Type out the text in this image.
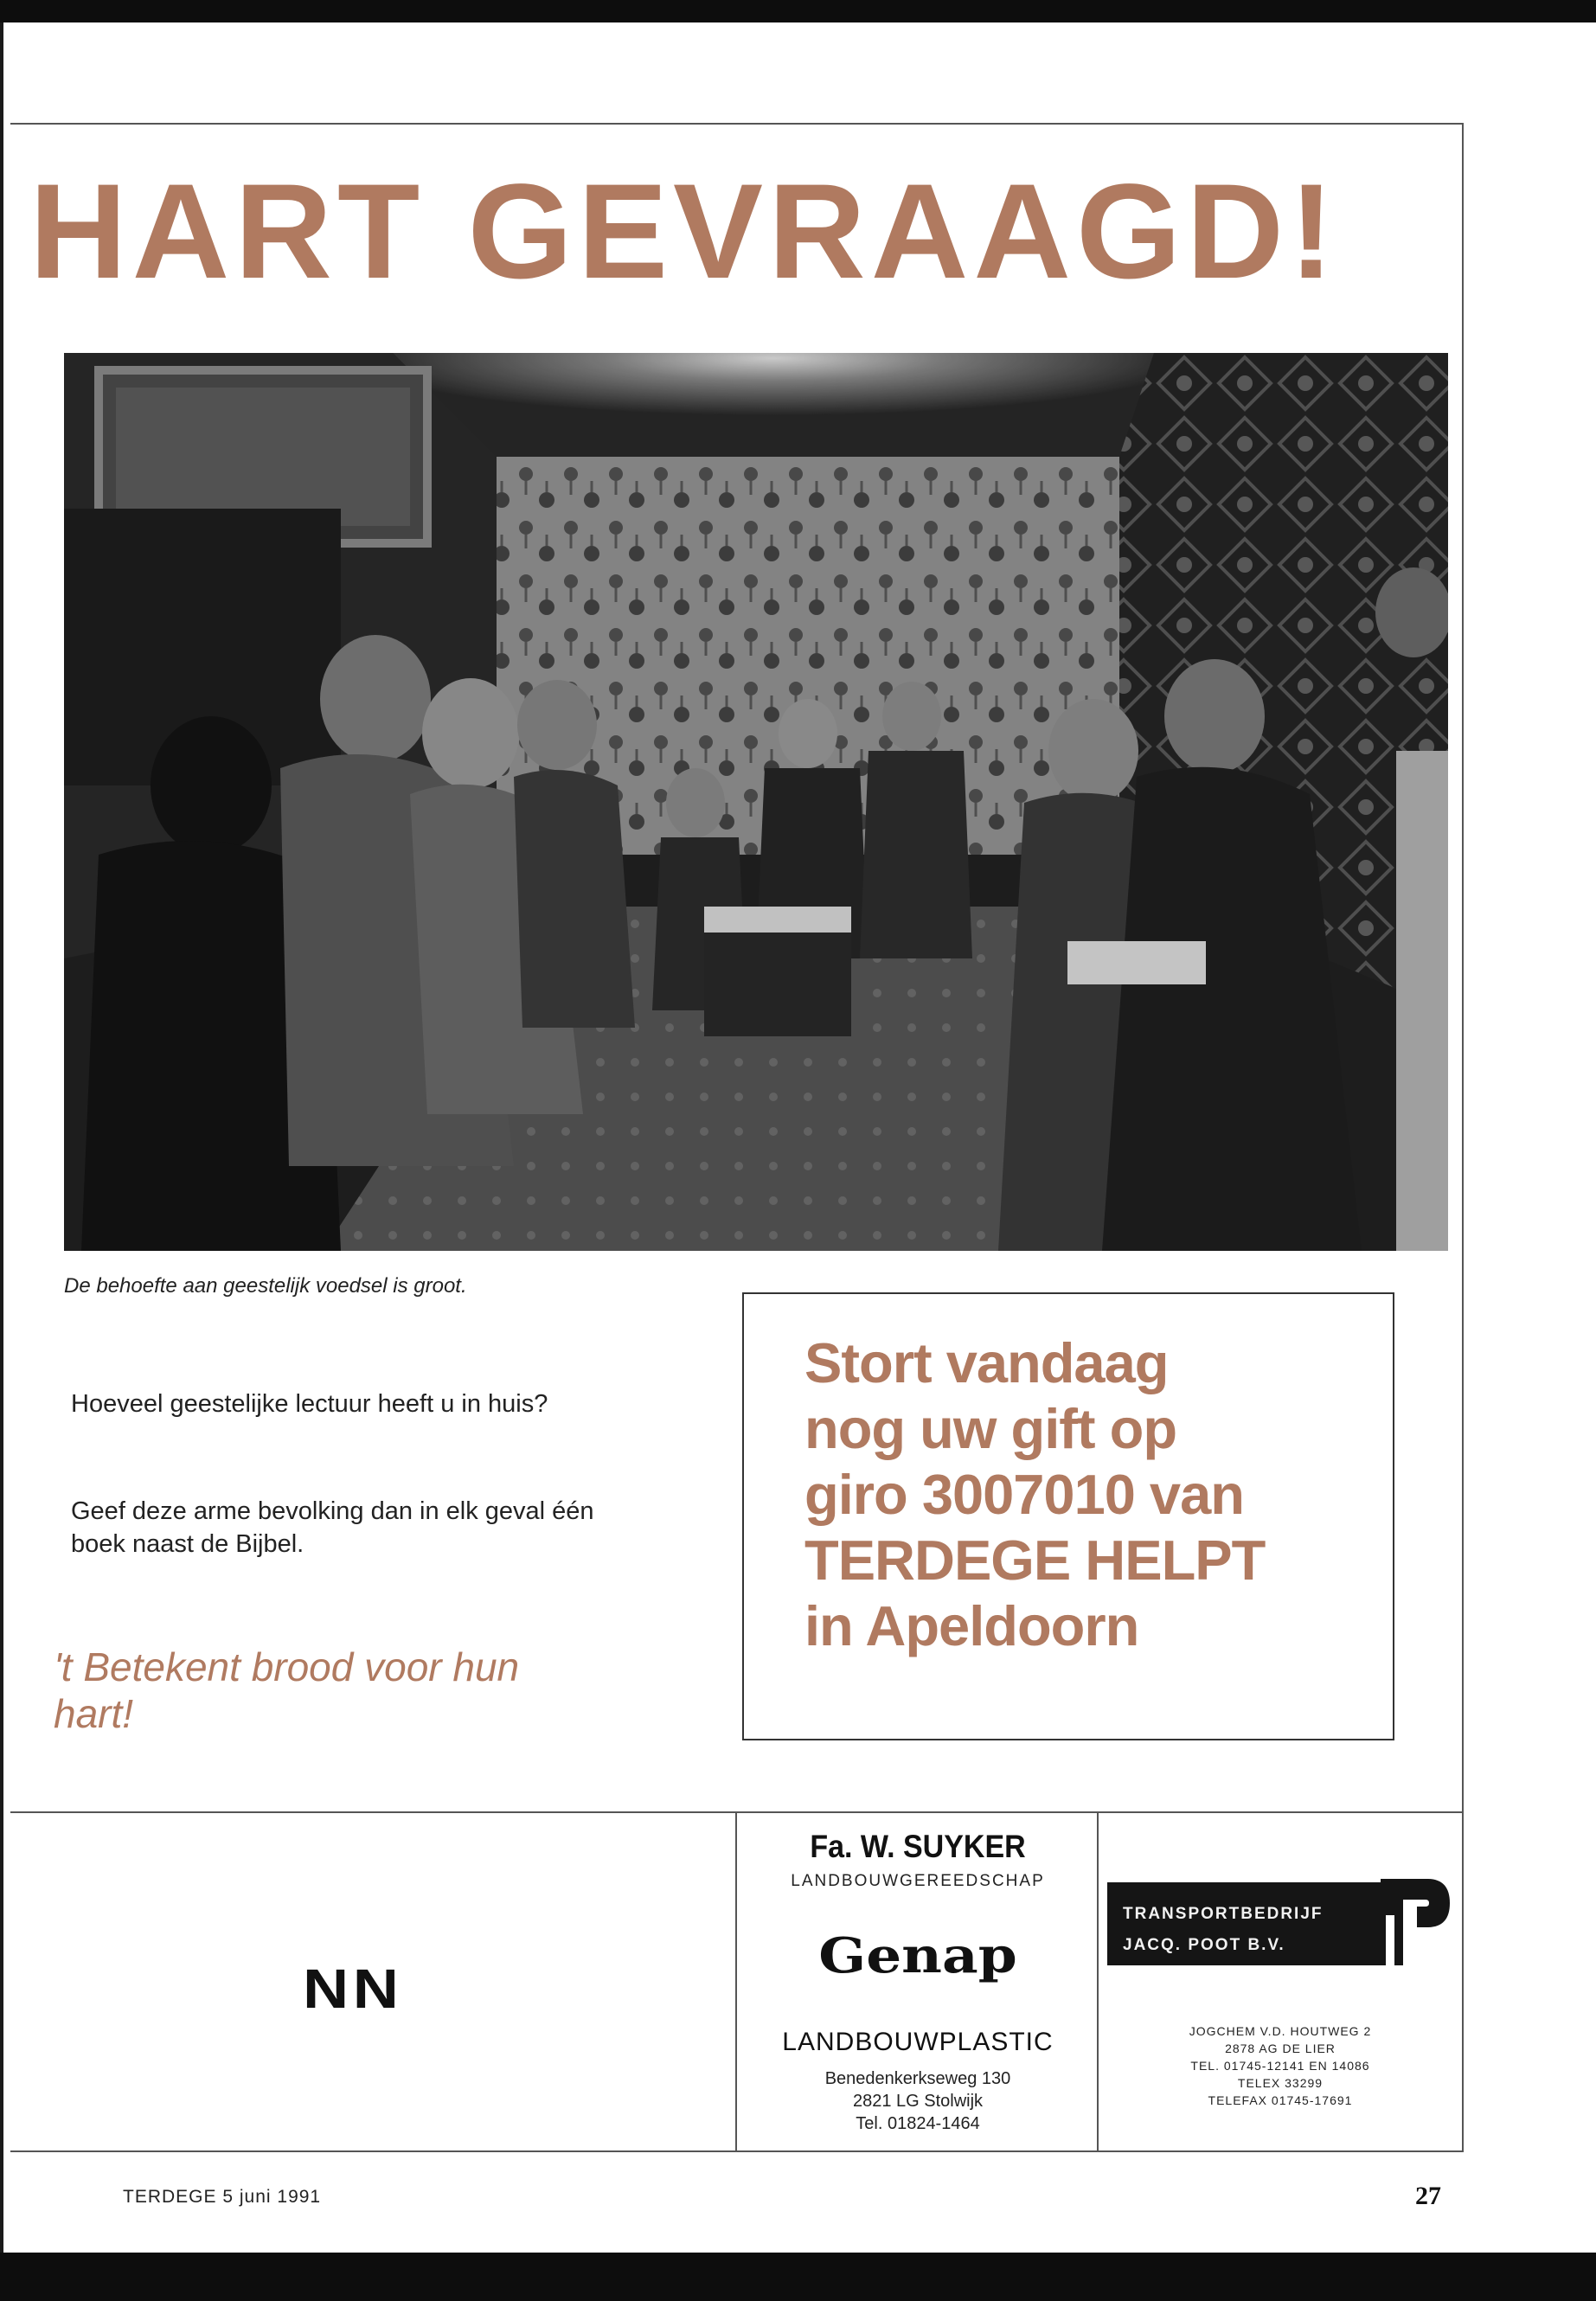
HART GEVRAAGD!
De behoefte aan geestelijk voedsel is groot.
Hoeveel geestelijke lectuur heeft u in huis?
Geef deze arme bevolking dan in elk geval één boek naast de Bijbel.
't Betekent brood voor hun hart!
Stort vandaag
nog uw gift op
giro 3007010 van
TERDEGE HELPT
in Apeldoorn
NN
Fa. W. SUYKER
LANDBOUWGEREEDSCHAP
Genap
LANDBOUWPLASTIC
Benedenkerkseweg 130
2821 LG Stolwijk
Tel. 01824-1464
TRANSPORTBEDRIJF
JACQ. POOT B.V.
JOGCHEM V.D. HOUTWEG 2
2878 AG DE LIER
TEL. 01745-12141 EN 14086
TELEX 33299
TELEFAX 01745-17691
TERDEGE 5 juni 1991	27
